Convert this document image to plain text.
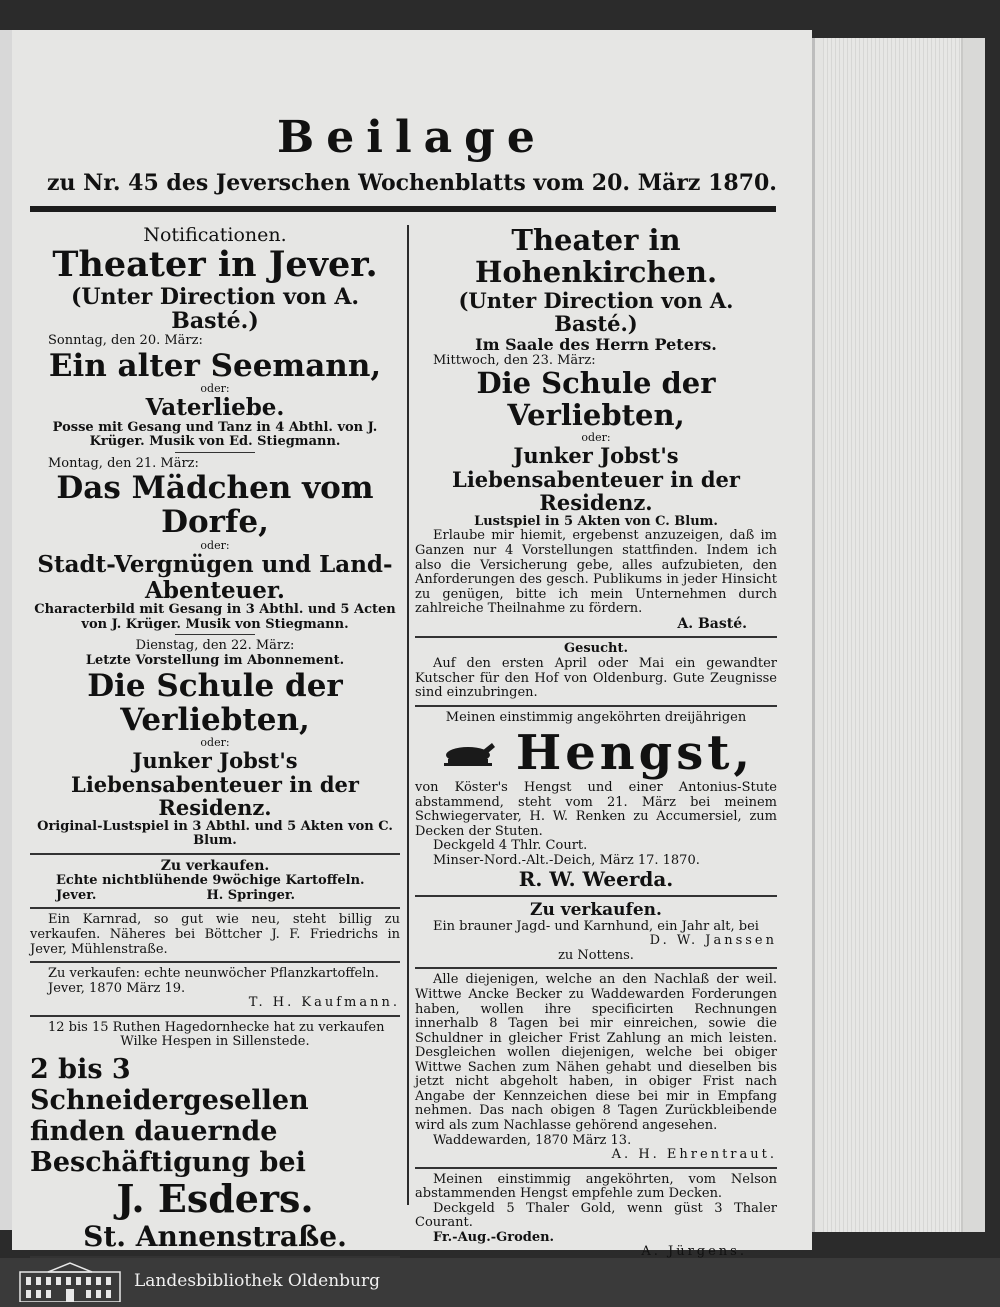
Beilage
zu Nr. 45 des Jeverschen Wochenblatts vom 20. März 1870.

Notificationen.

Theater in Jever.

(Unter Direction von A. Basté.)

Sonntag, den 20. März:

Ein alter Seemann,

oder:

Vaterliebe.

Posse mit Gesang und Tanz in 4 Abthl. von J. Krüger. Musik von Ed. Stiegmann.

Montag, den 21. März:

Das Mädchen vom Dorfe,

oder:

Stadt-Vergnügen und Land-Abenteuer.

Characterbild mit Gesang in 3 Abthl. und 5 Acten von J. Krüger. Musik von Stiegmann.

Dienstag, den 22. März:

Letzte Vorstellung im Abonnement.

Die Schule der Verliebten,

oder:

Junker Jobst's Liebensabenteuer in der Residenz.

Original-Lustspiel in 3 Abthl. und 5 Akten von C. Blum.

Zu verkaufen.

Echte nichtblühende 9wöchige Kartoffeln.

Jever.	H. Springer.

Ein Karnrad, so gut wie neu, steht billig zu verkaufen. Näheres bei Böttcher J. F. Friedrichs in Jever, Mühlenstraße.

Zu verkaufen: echte neunwöcher Pflanzkartoffeln.

Jever, 1870 März 19.

T. H. Kaufmann.

12 bis 15 Ruthen Hagedornhecke hat zu verkaufen

Wilke Hespen in Sillenstede.

2 bis 3 Schneidergesellen finden dauernde Beschäftigung bei

J. Esders.

St. Annenstraße.

Theater in Hohenkirchen.

(Unter Direction von A. Basté.)

Im Saale des Herrn Peters.

Mittwoch, den 23. März:

Die Schule der Verliebten,

oder:

Junker Jobst's Liebensabenteuer in der Residenz.

Lustspiel in 5 Akten von C. Blum.

Erlaube mir hiemit, ergebenst anzuzeigen, daß im Ganzen nur 4 Vorstellungen stattfinden. Indem ich also die Versicherung gebe, alles aufzubieten, den Anforderungen des gesch. Publikums in jeder Hinsicht zu genügen, bitte ich mein Unternehmen durch zahlreiche Theilnahme zu fördern.

A. Basté.

Gesucht.

Auf den ersten April oder Mai ein gewandter Kutscher für den Hof von Oldenburg. Gute Zeugnisse sind einzubringen.

Meinen einstimmig angeköhrten dreijährigen

Hengst,

von Köster's Hengst und einer Antonius-Stute abstammend, steht vom 21. März bei meinem Schwiegervater, H. W. Renken zu Accumersiel, zum Decken der Stuten.

Deckgeld 4 Thlr. Court.

Minser-Nord.-Alt.-Deich, März 17. 1870.

R. W. Weerda.

Zu verkaufen.

Ein brauner Jagd- und Karnhund, ein Jahr alt, bei

D. W. Janssen

zu Nottens.

Alle diejenigen, welche an den Nachlaß der weil. Wittwe Ancke Becker zu Waddewarden Forderungen haben, wollen ihre specificirten Rechnungen innerhalb 8 Tagen bei mir einreichen, sowie die Schuldner in gleicher Frist Zahlung an mich leisten. Desgleichen wollen diejenigen, welche bei obiger Wittwe Sachen zum Nähen gehabt und dieselben bis jetzt nicht abgeholt haben, in obiger Frist nach Angabe der Kennzeichen diese bei mir in Empfang nehmen. Das nach obigen 8 Tagen Zurückbleibende wird als zum Nachlasse gehörend angesehen.

Waddewarden, 1870 März 13.

A. H. Ehrentraut.

Meinen einstimmig angeköhrten, vom Nelson abstammenden Hengst empfehle zum Decken.

Deckgeld 5 Thaler Gold, wenn güst 3 Thaler Courant.

Fr.-Aug.-Groden.

A. Jürgens.

Landesbibliothek Oldenburg
